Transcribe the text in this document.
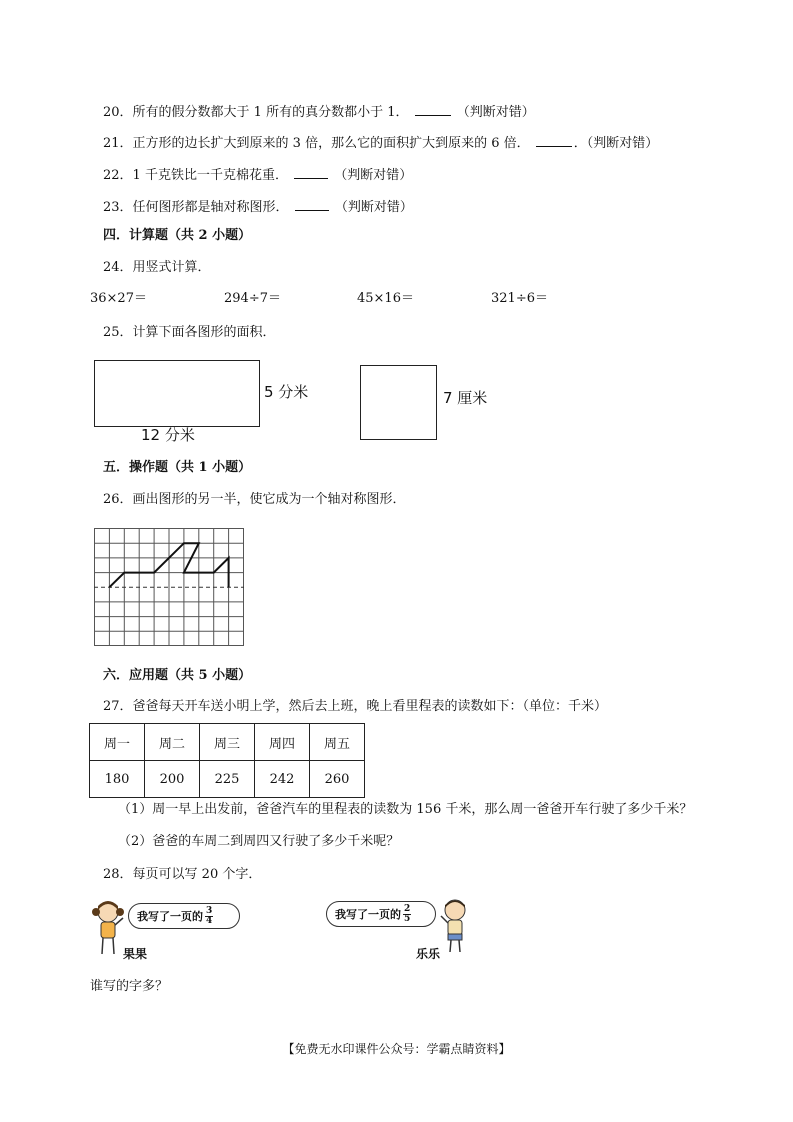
20．所有的假分数都大于 1 所有的真分数都小于 1．	（判断对错）
21．正方形的边长扩大到原来的 3 倍，那么它的面积扩大到原来的 6 倍．	．（判断对错）
22．1 千克铁比一千克棉花重．	（判断对错）
23．任何图形都是轴对称图形．	（判断对错）
四．计算题（共 2 小题）
24．用竖式计算．
36×27＝	294÷7＝	45×16＝	321÷6＝
25．计算下面各图形的面积．
5 分米
12 分米
7 厘米
五．操作题（共 1 小题）
26．画出图形的另一半，使它成为一个轴对称图形．
六．应用题（共 5 小题）
27．爸爸每天开车送小明上学，然后去上班，晚上看里程表的读数如下：（单位：千米）
周一	周二	周三	周四	周五
180	200	225	242	260
（1）周一早上出发前，爸爸汽车的里程表的读数为 156 千米，那么周一爸爸开车行驶了多少千米？
（2）爸爸的车周二到周四又行驶了多少千米呢？
28．每页可以写 20 个字．
我写了一页的 $\frac{3}{4}$
果果
我写了一页的 $\frac{2}{5}$
乐乐
谁写的字多？
【免费无水印课件公众号：学霸点睛资料】
